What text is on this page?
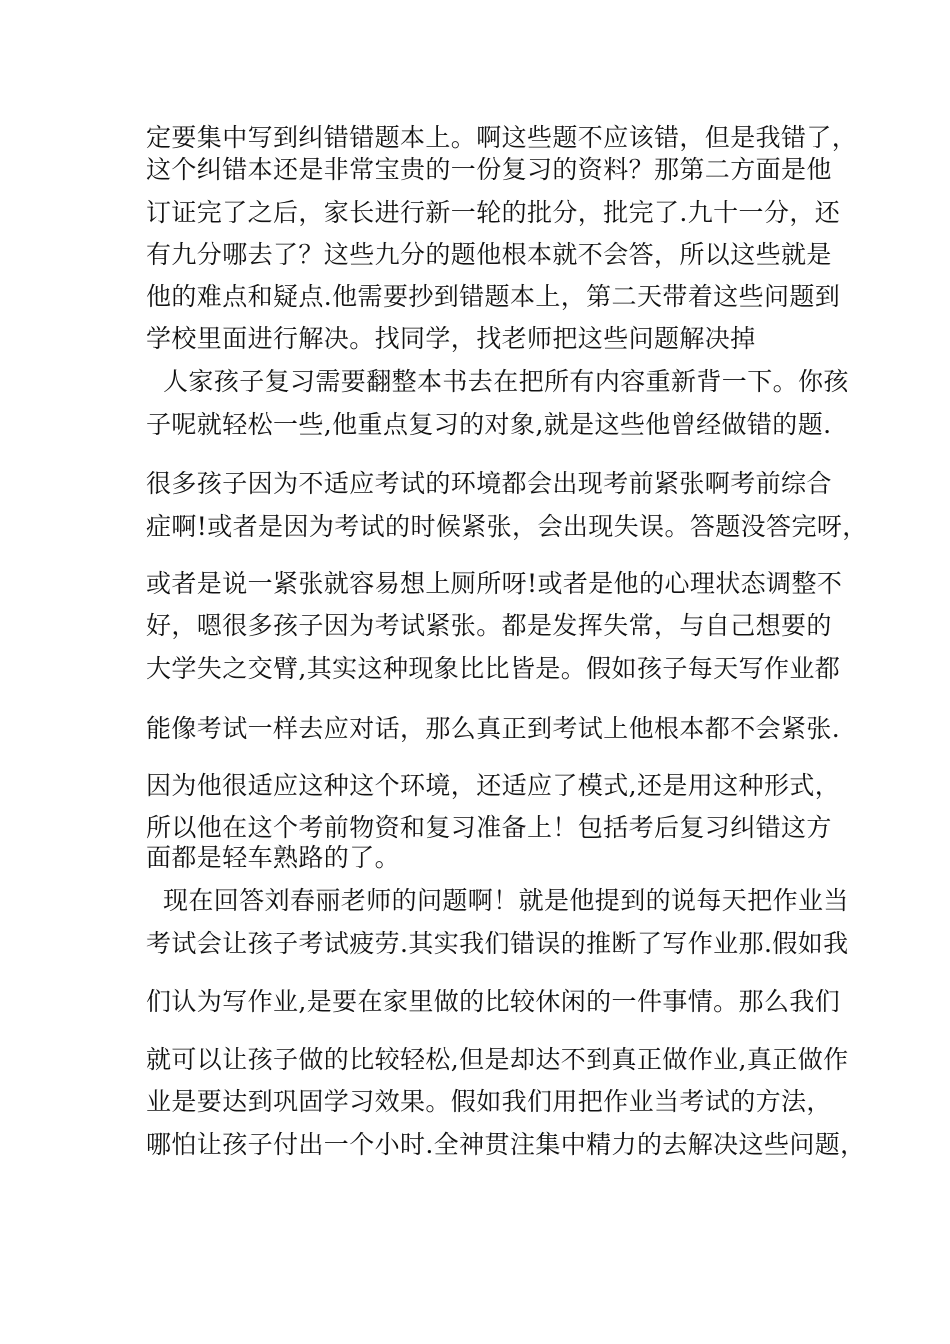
定要集中写到纠错错题本上。啊这些题不应该错，但是我错了，
这个纠错本还是非常宝贵的一份复习的资料？那第二方面是他
订证完了之后，家长进行新一轮的批分，批完了.九十一分，还
有九分哪去了？这些九分的题他根本就不会答，所以这些就是
他的难点和疑点.他需要抄到错题本上，第二天带着这些问题到
学校里面进行解决。找同学，找老师把这些问题解决掉
人家孩子复习需要翻整本书去在把所有内容重新背一下。你孩
子呢就轻松一些,他重点复习的对象,就是这些他曾经做错的题.
很多孩子因为不适应考试的环境都会出现考前紧张啊考前综合
症啊!或者是因为考试的时候紧张，会出现失误。答题没答完呀，
或者是说一紧张就容易想上厕所呀!或者是他的心理状态调整不
好，嗯很多孩子因为考试紧张。都是发挥失常，与自己想要的
大学失之交臂,其实这种现象比比皆是。假如孩子每天写作业都
能像考试一样去应对话，那么真正到考试上他根本都不会紧张.
因为他很适应这种这个环境，还适应了模式,还是用这种形式，
所以他在这个考前物资和复习准备上！包括考后复习纠错这方
面都是轻车熟路的了。
现在回答刘春丽老师的问题啊！就是他提到的说每天把作业当
考试会让孩子考试疲劳.其实我们错误的推断了写作业那.假如我
们认为写作业,是要在家里做的比较休闲的一件事情。那么我们
就可以让孩子做的比较轻松,但是却达不到真正做作业,真正做作
业是要达到巩固学习效果。假如我们用把作业当考试的方法，
哪怕让孩子付出一个小时.全神贯注集中精力的去解决这些问题，
